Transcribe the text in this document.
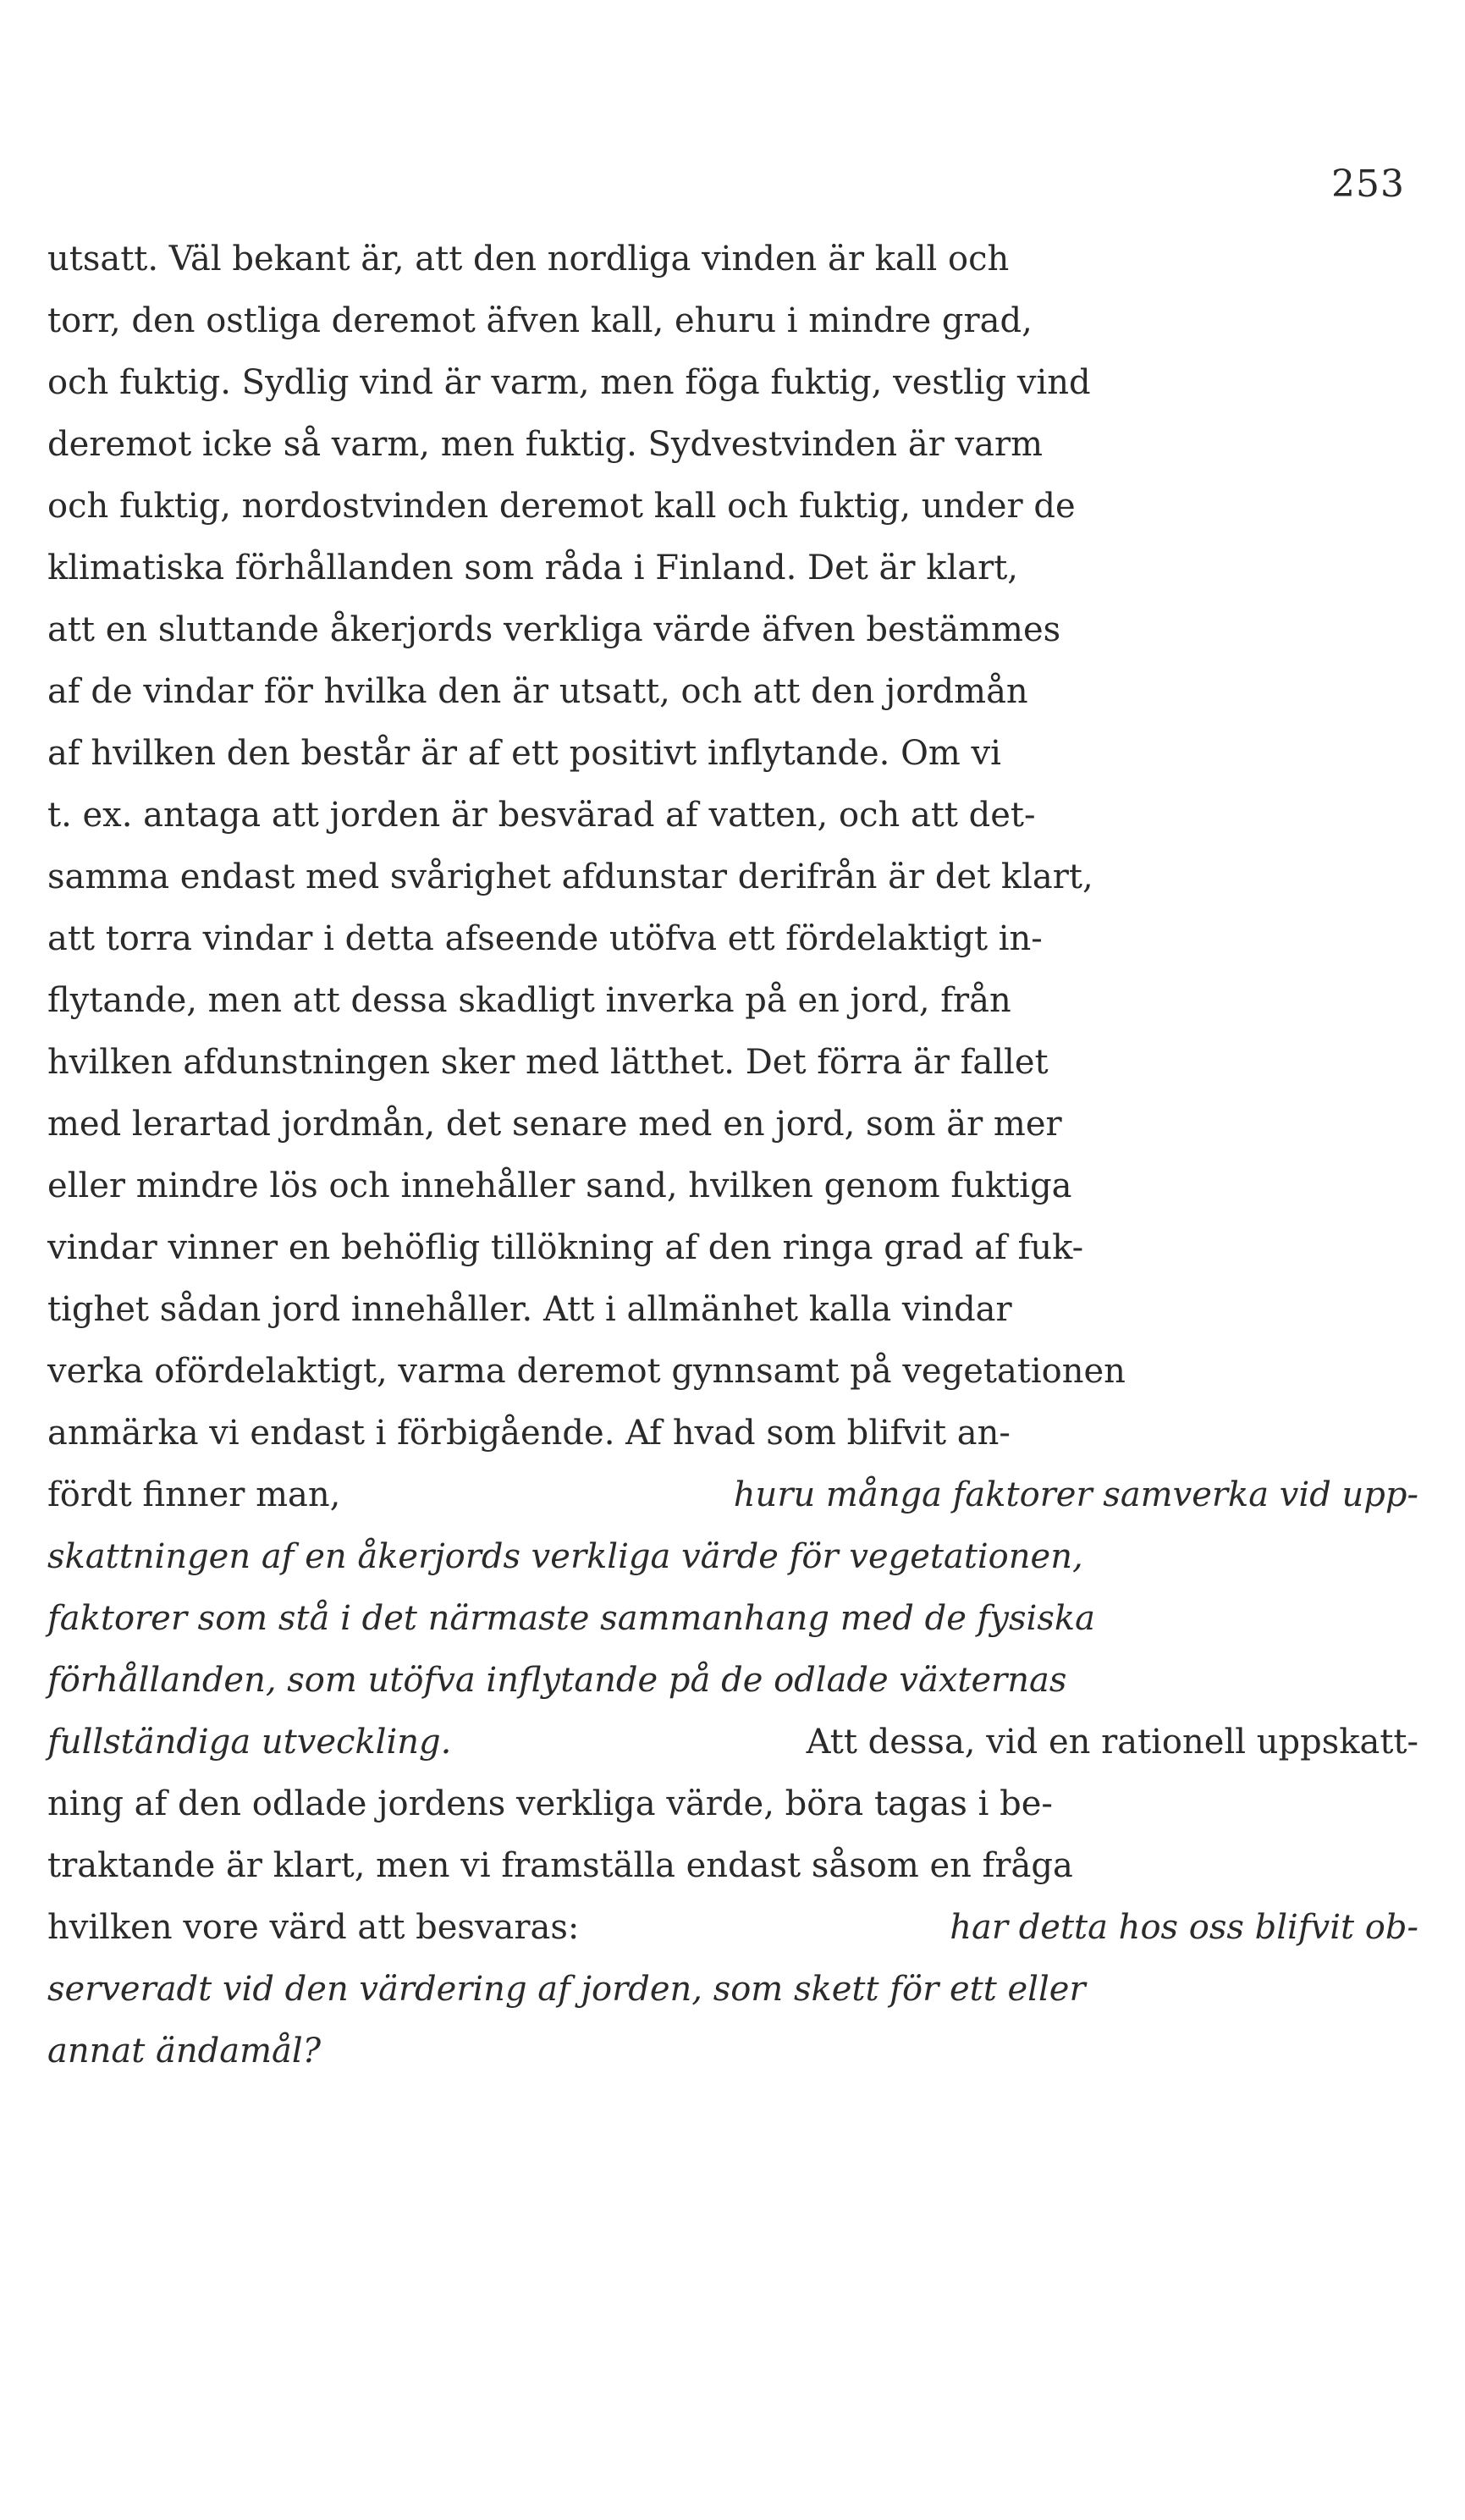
253
utsatt. Väl bekant är, att den nordliga vinden är kall och
torr, den ostliga deremot äfven kall, ehuru i mindre grad,
och fuktig. Sydlig vind är varm, men föga fuktig, vestlig vind
deremot icke så varm, men fuktig. Sydvestvinden är varm
och fuktig, nordostvinden deremot kall och fuktig, under de
klimatiska förhållanden som råda i Finland. Det är klart,
att en sluttande åkerjords verkliga värde äfven bestämmes
af de vindar för hvilka den är utsatt, och att den jordmån
af hvilken den består är af ett positivt inflytande. Om vi
t. ex. antaga att jorden är besvärad af vatten, och att det-
samma endast med svårighet afdunstar derifrån är det klart,
att torra vindar i detta afseende utöfva ett fördelaktigt in-
flytande, men att dessa skadligt inverka på en jord, från
hvilken afdunstningen sker med lätthet. Det förra är fallet
med lerartad jordmån, det senare med en jord, som är mer
eller mindre lös och innehåller sand, hvilken genom fuktiga
vindar vinner en behöflig tillökning af den ringa grad af fuk-
tighet sådan jord innehåller. Att i allmänhet kalla vindar
verka ofördelaktigt, varma deremot gynnsamt på vegetationen
anmärka vi endast i förbigående. Af hvad som blifvit an-
fördt finner man,	huru många faktorer samverka vid upp-
skattningen af en åkerjords verkliga värde för vegetationen,
faktorer som stå i det närmaste sammanhang med de fysiska
förhållanden, som utöfva inflytande på de odlade växternas
fullständiga utveckling.	Att dessa, vid en rationell uppskatt-
ning af den odlade jordens verkliga värde, böra tagas i be-
traktande är klart, men vi framställa endast såsom en fråga
hvilken vore värd att besvaras:	har detta hos oss blifvit ob-
serveradt vid den värdering af jorden, som skett för ett eller
annat ändamål?
